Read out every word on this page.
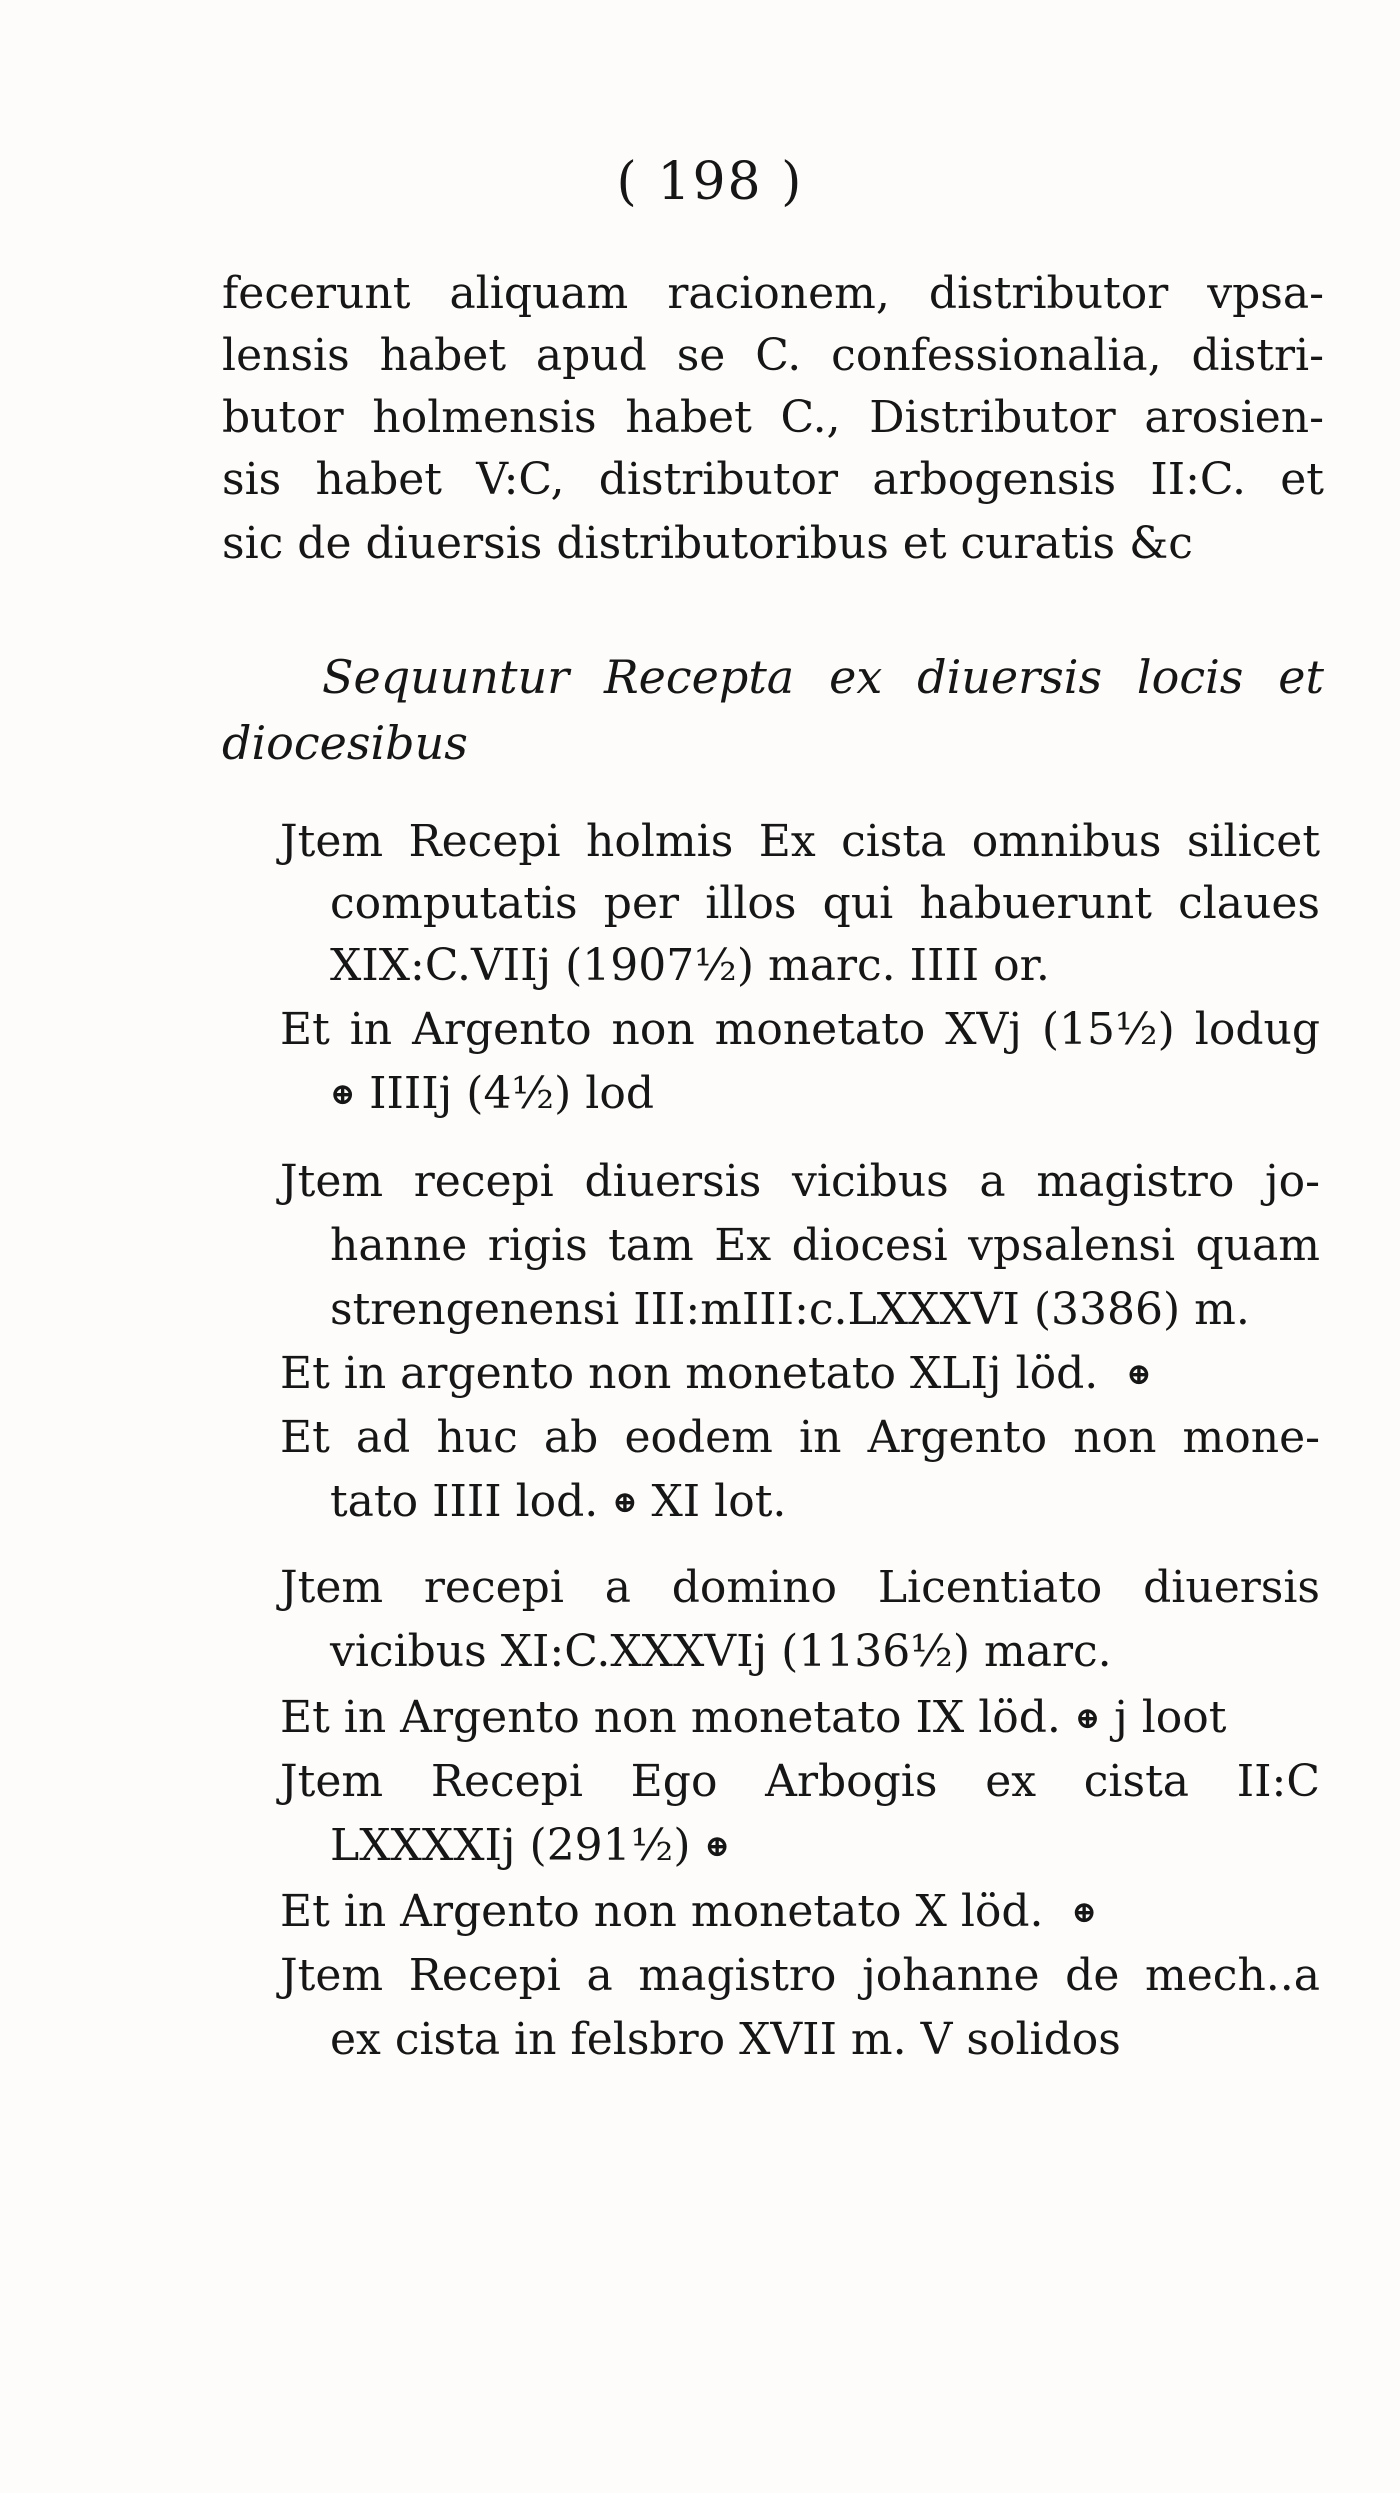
( 198 )
fecerunt aliquam racionem, distributor vpsa-
lensis habet apud se C. confessionalia, distri-
butor holmensis habet C., Distributor arosien-
sis habet V:C, distributor arbogensis II:C. et
sic de diuersis distributoribus et curatis &c
Sequuntur Recepta ex diuersis locis et
diocesibus
Jtem Recepi holmis Ex cista omnibus silicet
computatis per illos qui habuerunt claues
XIX:C.VIIj (1907½) marc. IIII or.
Et in Argento non monetato XVj (15½) lodug
⊕ IIIIj (4½) lod
Jtem recepi diuersis vicibus a magistro jo-
hanne rigis tam Ex diocesi vpsalensi quam
strengenensi III:mIII:c.LXXXVI (3386) m.
Et in argento non monetato XLIj löd. ⊕
Et ad huc ab eodem in Argento non mone-
tato IIII lod. ⊕ XI lot.
Jtem recepi a domino Licentiato diuersis
vicibus XI:C.XXXVIj (1136½) marc.
Et in Argento non monetato IX löd. ⊕ j loot
Jtem Recepi Ego Arbogis ex cista II:C
LXXXXIj (291½) ⊕
Et in Argento non monetato X löd. ⊕
Jtem Recepi a magistro johanne de mech..a
ex cista in felsbro XVII m. V solidos
